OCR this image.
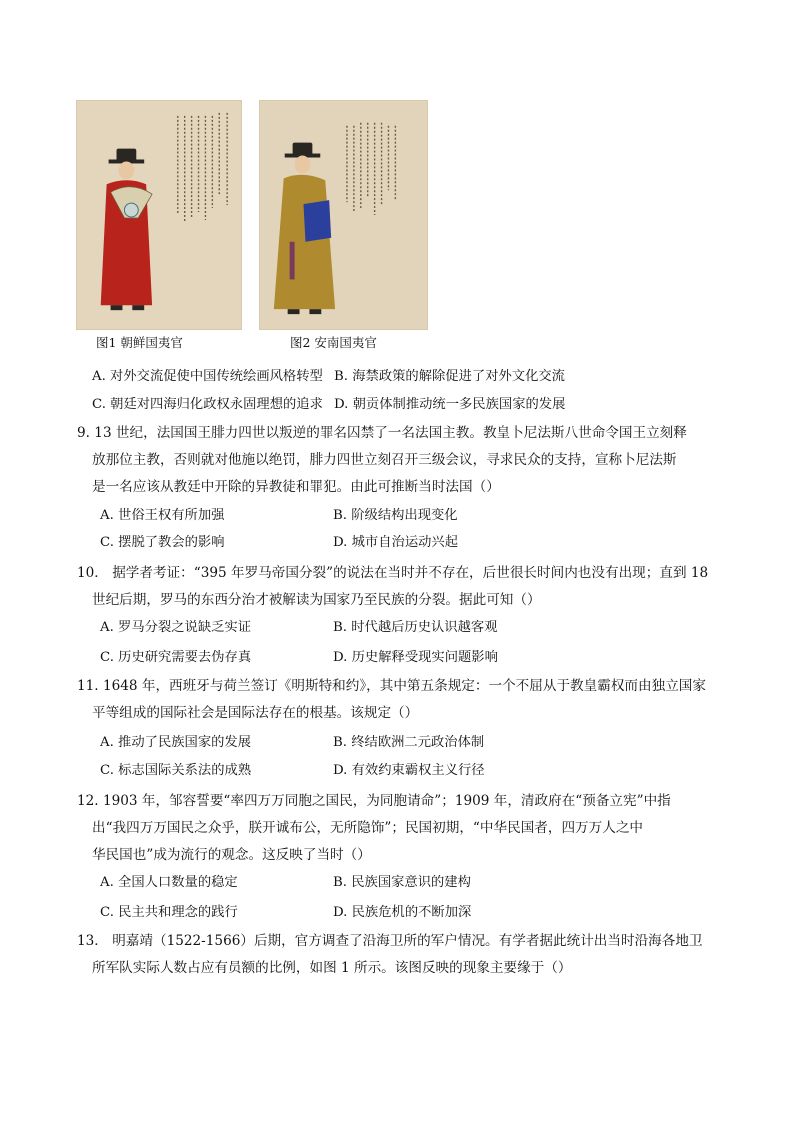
图1 朝鲜国夷官	图2 安南国夷官
A. 对外交流促使中国传统绘画风格转型 B. 海禁政策的解除促进了对外文化交流
C. 朝廷对四海归化政权永固理想的追求 D. 朝贡体制推动统一多民族国家的发展
9. 13 世纪，法国国王腓力四世以叛逆的罪名囚禁了一名法国主教。教皇卜尼法斯八世命令国王立刻释
放那位主教，否则就对他施以绝罚，腓力四世立刻召开三级会议，寻求民众的支持，宣称卜尼法斯
是一名应该从教廷中开除的异教徒和罪犯。由此可推断当时法国（）
A. 世俗王权有所加强	B. 阶级结构出现变化
C. 摆脱了教会的影响	D. 城市自治运动兴起
10． 据学者考证：“395 年罗马帝国分裂”的说法在当时并不存在，后世很长时间内也没有出现；直到 18
世纪后期，罗马的东西分治才被解读为国家乃至民族的分裂。据此可知（）
A. 罗马分裂之说缺乏实证	B. 时代越后历史认识越客观
C. 历史研究需要去伪存真	D. 历史解释受现实问题影响
11. 1648 年，西班牙与荷兰签订《明斯特和约》，其中第五条规定：一个不屈从于教皇霸权而由独立国家
平等组成的国际社会是国际法存在的根基。该规定（）
A. 推动了民族国家的发展	B. 终结欧洲二元政治体制
C. 标志国际关系法的成熟	D. 有效约束霸权主义行径
12. 1903 年，邹容誓要“率四万万同胞之国民，为同胞请命”；1909 年，清政府在“预备立宪”中指
出“我四万万国民之众乎，朕开诚布公，无所隐饰”；民国初期，“中华民国者，四万万人之中
华民国也”成为流行的观念。这反映了当时（）
A. 全国人口数量的稳定	B. 民族国家意识的建构
C. 民主共和理念的践行	D. 民族危机的不断加深
13． 明嘉靖（1522-1566）后期，官方调查了沿海卫所的军户情况。有学者据此统计出当时沿海各地卫
所军队实际人数占应有员额的比例，如图 1 所示。该图反映的现象主要缘于（）
